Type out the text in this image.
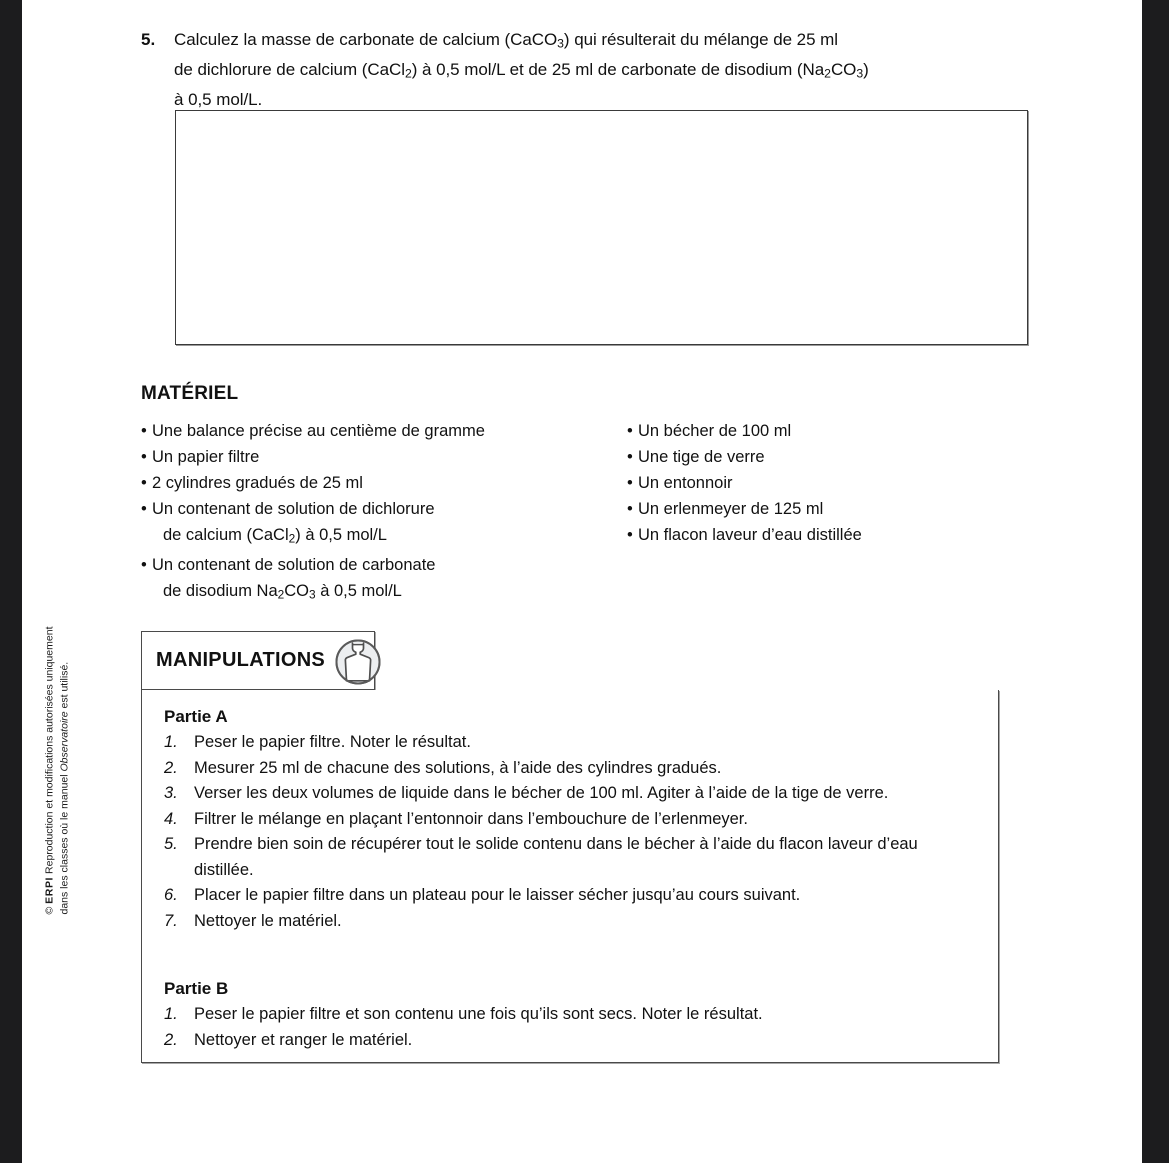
5.	Calculez la masse de carbonate de calcium (CaCO$_3$) qui résulterait du mélange de 25 ml
de dichlorure de calcium (CaCl$_2$) à 0,5 mol/L et de 25 ml de carbonate de disodium $(Na_2CO_3)$
à 0,5 mol/L.
MATÉRIEL
• Une balance précise au centième de gramme
• Un papier filtre
• 2 cylindres gradués de 25 ml
• Un contenant de solution de dichlorure
de calcium (CaCl$_2$) à 0,5 mol/L
• Un contenant de solution de carbonate
de disodium $Na_2CO_3$ à 0,5 mol/L
• Un bécher de 100 ml
• Une tige de verre
• Un entonnoir
• Un erlenmeyer de 125 ml
• Un flacon laveur d’eau distillée
MANIPULATIONS
Partie A
1. Peser le papier filtre. Noter le résultat.
2. Mesurer 25 ml de chacune des solutions, à l’aide des cylindres gradués.
3. Verser les deux volumes de liquide dans le bécher de 100 ml. Agiter à l’aide de la tige de verre.
4. Filtrer le mélange en plaçant l’entonnoir dans l’embouchure de l’erlenmeyer.
5. Prendre bien soin de récupérer tout le solide contenu dans le bécher à l’aide du flacon laveur d’eau distillée.
6. Placer le papier filtre dans un plateau pour le laisser sécher jusqu’au cours suivant.
7. Nettoyer le matériel.
Partie B
1. Peser le papier filtre et son contenu une fois qu’ils sont secs. Noter le résultat.
2. Nettoyer et ranger le matériel.
© ERPI Reproduction et modifications autorisées uniquement dans les classes où le manuel Observatoire est utilisé.
